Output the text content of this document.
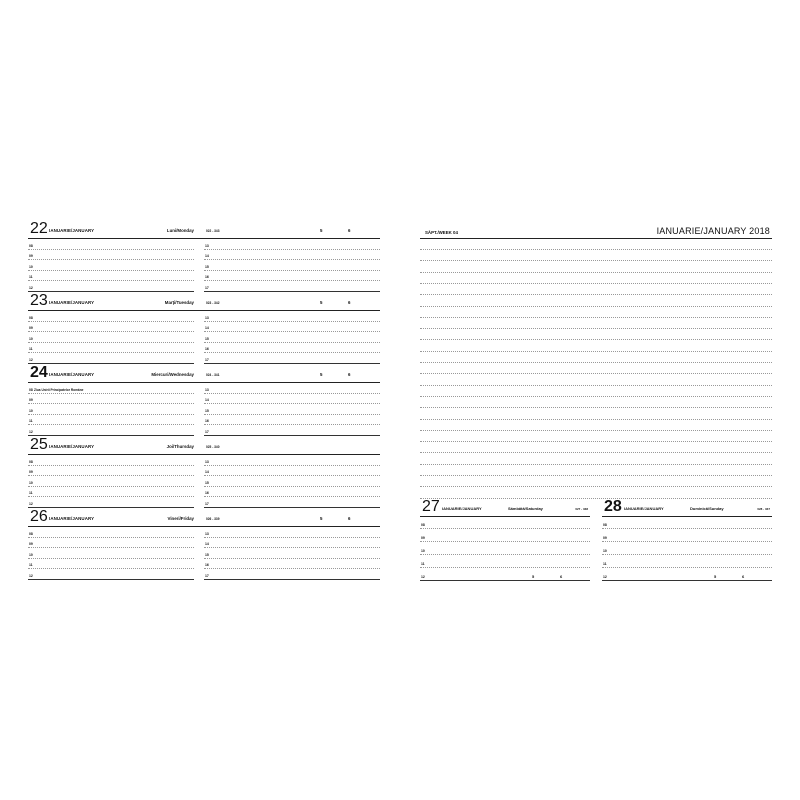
22 IANUARIE/JANUARY	Luni/Monday	022 - 343	5	6
08
09
10
11
12
13
14
15
16
17
23 IANUARIE/JANUARY	Marţi/Tuesday	023 - 342	5	6
08
09
10
11
12
13
14
15
16
17
24 IANUARIE/JANUARY	Miercuri/Wednesday	024 - 341	5	6
08 Ziua Unirii Principatelor Române
09
10
11
12
13
14
15
16
17
25 IANUARIE/JANUARY	Joi/Thursday	025 - 340
08
09
10
11
12
13
14
15
16
17
26 IANUARIE/JANUARY	Vineri/Friday	026 - 339	5	6
08
09
10
11
12
13
14
15
16
17
SĂPT./WEEK 04	IANUARIE/JANUARY 2018
27 IANUARIE/JANUARY	Sâmbătă/Saturday	027 - 338
08
09
10
11
12	5	6
28 IANUARIE/JANUARY	Duminică/Sunday	028 - 337
08
09
10
11
12	5	6
